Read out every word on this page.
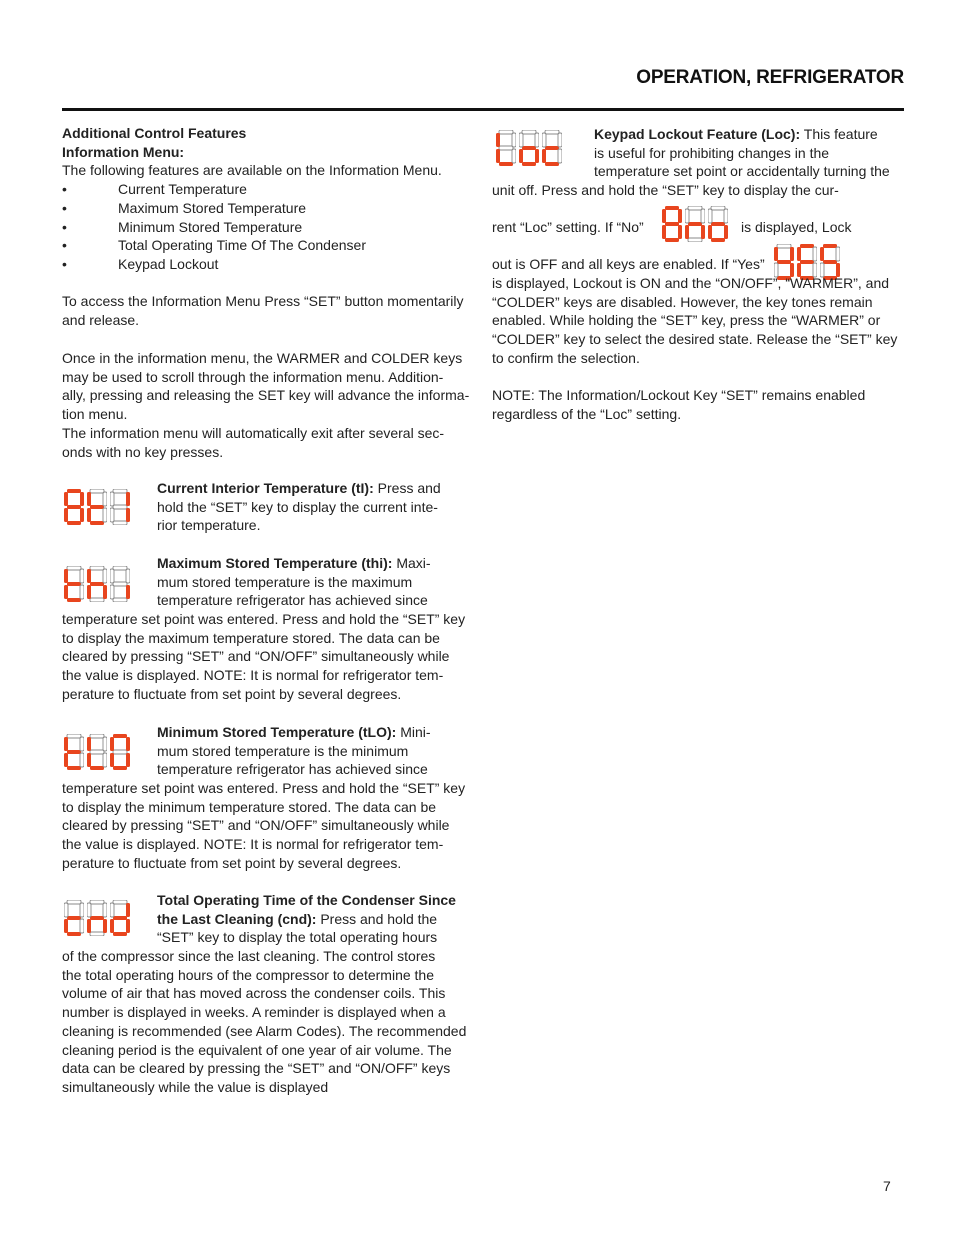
OPERATION, REFRIGERATOR

Additional Control Features

Information Menu:

The following features are available on the Information Menu.

•	Current Temperature
•	Maximum Stored Temperature
•	Minimum Stored Temperature
•	Total Operating Time Of The Condenser
•	Keypad Lockout

To access the Information Menu Press “SET” button momentarily

and release.

Once in the information menu, the WARMER and COLDER keys

may be used to scroll through the information menu. Addition-

ally, pressing and releasing the SET key will advance the informa-

tion menu.

The information menu will automatically exit after several sec-

onds with no key presses.

Current Interior Temperature (tI): Press and

hold the “SET” key to display the current inte-

rior temperature.

Maximum Stored Temperature (thi): Maxi-

mum stored temperature is the maximum

temperature refrigerator has achieved since

temperature set point was entered. Press and hold the “SET” key

to display the maximum temperature stored. The data can be

cleared by pressing “SET” and “ON/OFF” simultaneously while

the value is displayed. NOTE: It is normal for refrigerator tem-

perature to fluctuate from set point by several degrees.

Minimum Stored Temperature (tLO): Mini-

mum stored temperature is the minimum

temperature refrigerator has achieved since

temperature set point was entered. Press and hold the “SET” key

to display the minimum temperature stored. The data can be

cleared by pressing “SET” and “ON/OFF” simultaneously while

the value is displayed. NOTE: It is normal for refrigerator tem-

perature to fluctuate from set point by several degrees.

Total Operating Time of the Condenser Since

the Last Cleaning (cnd): Press and hold the

“SET” key to display the total operating hours

of the compressor since the last cleaning. The control stores

the total operating hours of the compressor to determine the

volume of air that has moved across the condenser coils. This

number is displayed in weeks. A reminder is displayed when a

cleaning is recommended (see Alarm Codes). The recommended

cleaning period is the equivalent of one year of air volume. The

data can be cleared by pressing the “SET” and “ON/OFF” keys

simultaneously while the value is displayed

Keypad Lockout Feature (Loc): This feature

is useful for prohibiting changes in the

temperature set point or accidentally turning the

unit off. Press and hold the “SET” key to display the cur-

rent “Loc” setting. If “No”	is displayed, Lock
out is OFF and all keys are enabled. If “Yes”

is displayed, Lockout is ON and the “ON/OFF”, “WARMER”, and

“COLDER” keys are disabled. However, the key tones remain

enabled. While holding the “SET” key, press the “WARMER” or

“COLDER” key to select the desired state. Release the “SET” key

to confirm the selection.

NOTE: The Information/Lockout Key “SET” remains enabled

regardless of the “Loc” setting.

7
